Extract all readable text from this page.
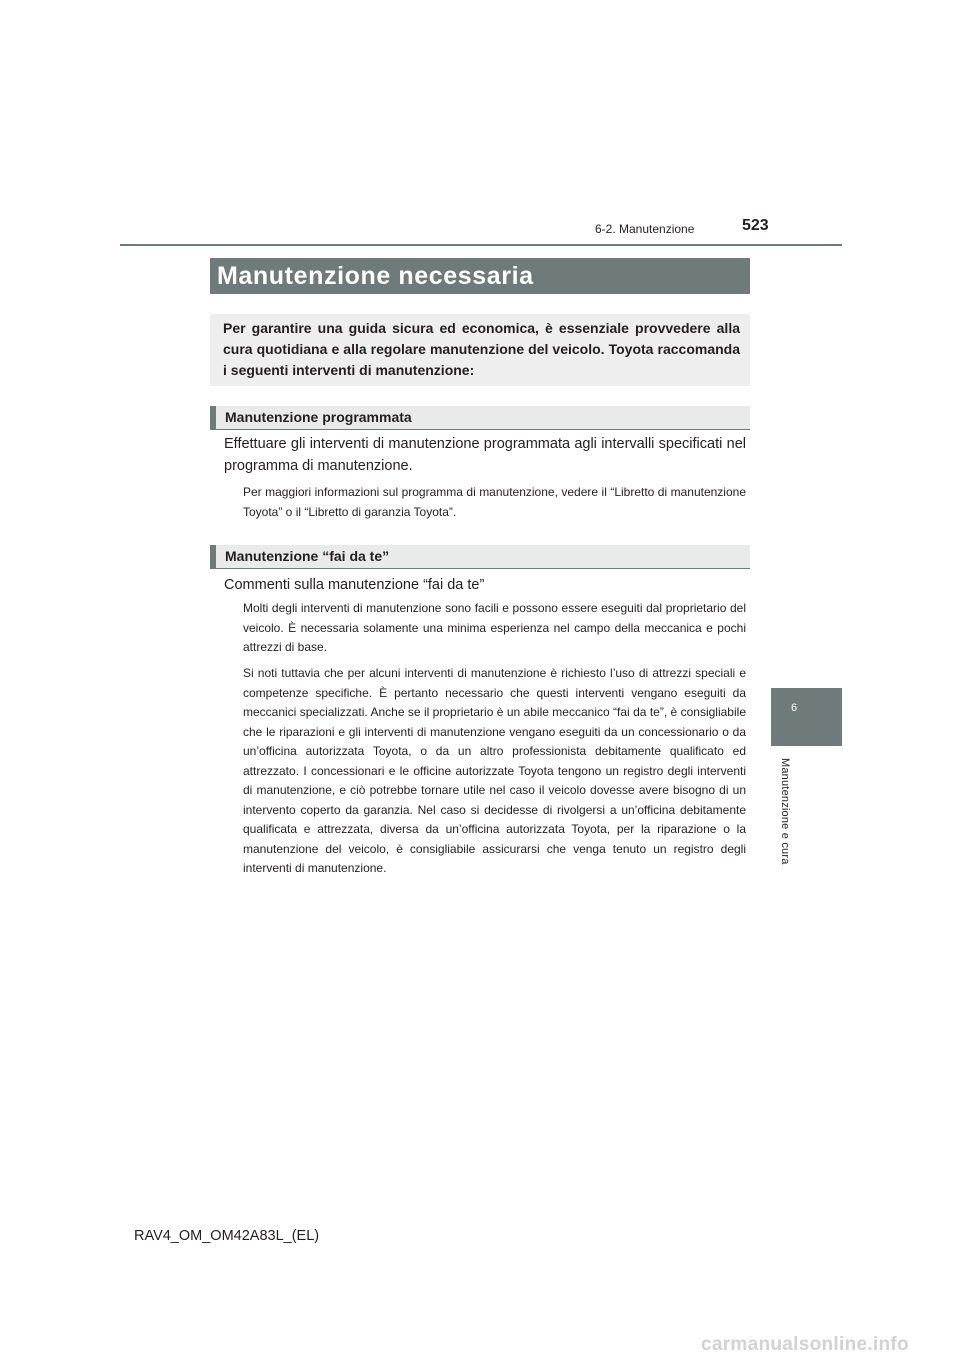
6-2. Manutenzione	523
Manutenzione necessaria
Per garantire una guida sicura ed economica, è essenziale provvedere alla cura quotidiana e alla regolare manutenzione del veicolo. Toyota raccomanda i seguenti interventi di manutenzione:
Manutenzione programmata
Effettuare gli interventi di manutenzione programmata agli intervalli specificati nel programma di manutenzione.
Per maggiori informazioni sul programma di manutenzione, vedere il “Libretto di manutenzione Toyota” o il “Libretto di garanzia Toyota”.
Manutenzione “fai da te”
Commenti sulla manutenzione “fai da te”
Molti degli interventi di manutenzione sono facili e possono essere eseguiti dal proprietario del veicolo. È necessaria solamente una minima esperienza nel campo della meccanica e pochi attrezzi di base.
Si noti tuttavia che per alcuni interventi di manutenzione è richiesto l’uso di attrezzi speciali e competenze specifiche. È pertanto necessario che questi interventi vengano eseguiti da meccanici specializzati. Anche se il proprietario è un abile meccanico “fai da te”, è consigliabile che le riparazioni e gli interventi di manutenzione vengano eseguiti da un concessionario o da un’officina autorizzata Toyota, o da un altro professionista debitamente qualificato ed attrezzato. I concessionari e le officine autorizzate Toyota tengono un registro degli interventi di manutenzione, e ciò potrebbe tornare utile nel caso il veicolo dovesse avere bisogno di un intervento coperto da garanzia. Nel caso si decidesse di rivolgersi a un’officina debitamente qualificata e attrezzata, diversa da un’officina autorizzata Toyota, per la riparazione o la manutenzione del veicolo, è consigliabile assicurarsi che venga tenuto un registro degli interventi di manutenzione.
6
Manutenzione e cura
RAV4_OM_OM42A83L_(EL)
carmanualsonline.info
